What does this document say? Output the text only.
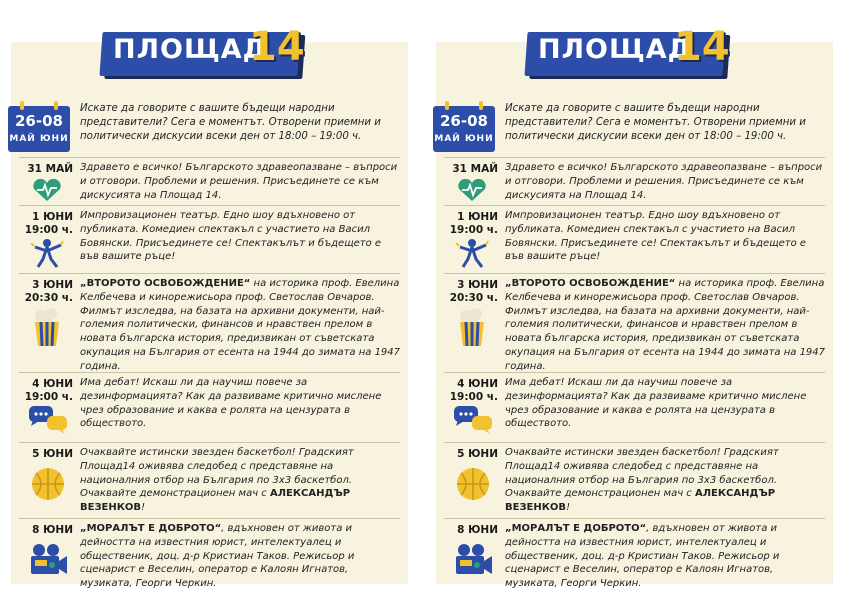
ПЛОЩАД
14
26-08
МАЙ ЮНИ
Искате да говорите с вашите бъдещи народни представители? Сега е моментът. Отворени приемни и политически дискусии всеки ден от 18:00 – 19:00 ч.
31 МАЙ Здравето е всичко! Българското здравеопазване – въпроси и отговори. Проблеми и решения. Присъединете се към дискусията на Площад 14.
1 ЮНИ
19:00 ч.
Импровизационен театър. Едно шоу вдъхновено от публиката. Комедиен спектакъл с участието на Васил Бовянски. Присъединете се! Спектакълът и бъдещето е във вашите ръце!
3 ЮНИ
20:30 ч.
„ВТОРОТО ОСВОБОЖДЕНИЕ“ на историка проф. Евелина Келбечева и кинорежисьора проф. Светослав Овчаров. Филмът изследва, на базата на архивни документи, най-големия политически, финансов и нравствен прелом в новата българска история, предизвикан от съветската окупация на България от есента на 1944 до зимата на 1947 година.
4 ЮНИ
19:00 ч.
Има дебат! Искаш ли да научиш повече за дезинформацията? Как да развиваме критично мислене чрез образование и каква е ролята на цензурата в обществото.
5 ЮНИ Очаквайте истински звезден баскетбол! Градският Площад14 оживява следобед с представяне на националния отбор на България по 3x3 баскетбол. Очаквайте демонстрационен мач с АЛЕКСАНДЪР ВЕЗЕНКОВ!
8 ЮНИ „МОРАЛЪТ Е ДОБРОТО“, вдъхновен от живота и дейността на известния юрист, интелектуалец и общественик, доц. д-р Кристиан Таков. Режисьор и сценарист е Веселин, оператор е Калоян Игнатов, музиката, Георги Черкин.
ПЛОЩАД
14
26-08
МАЙ ЮНИ
Искате да говорите с вашите бъдещи народни представители? Сега е моментът. Отворени приемни и политически дискусии всеки ден от 18:00 – 19:00 ч.
31 МАЙ Здравето е всичко! Българското здравеопазване – въпроси и отговори. Проблеми и решения. Присъединете се към дискусията на Площад 14.
1 ЮНИ
19:00 ч.
Импровизационен театър. Едно шоу вдъхновено от публиката. Комедиен спектакъл с участието на Васил Бовянски. Присъединете се! Спектакълът и бъдещето е във вашите ръце!
3 ЮНИ
20:30 ч.
„ВТОРОТО ОСВОБОЖДЕНИЕ“ на историка проф. Евелина Келбечева и кинорежисьора проф. Светослав Овчаров. Филмът изследва, на базата на архивни документи, най-големия политически, финансов и нравствен прелом в новата българска история, предизвикан от съветската окупация на България от есента на 1944 до зимата на 1947 година.
4 ЮНИ
19:00 ч.
Има дебат! Искаш ли да научиш повече за дезинформацията? Как да развиваме критично мислене чрез образование и каква е ролята на цензурата в обществото.
5 ЮНИ Очаквайте истински звезден баскетбол! Градският Площад14 оживява следобед с представяне на националния отбор на България по 3x3 баскетбол. Очаквайте демонстрационен мач с АЛЕКСАНДЪР ВЕЗЕНКОВ!
8 ЮНИ „МОРАЛЪТ Е ДОБРОТО“, вдъхновен от живота и дейността на известния юрист, интелектуалец и общественик, доц. д-р Кристиан Таков. Режисьор и сценарист е Веселин, оператор е Калоян Игнатов, музиката, Георги Черкин.
